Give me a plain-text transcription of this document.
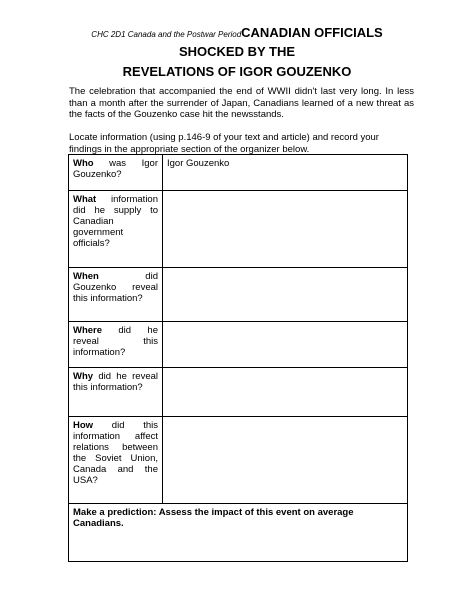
CHC 2D1 Canada and the Postwar PeriodCANADIAN OFFICIALS
SHOCKED BY THE
REVELATIONS OF IGOR GOUZENKO
The celebration that accompanied the end of WWII didn't last very long. In less than a month after the surrender of Japan, Canadians learned of a new threat as the facts of the Gouzenko case hit the newsstands.
Locate information (using p.146-9 of your text and article) and record your findings in the appropriate section of the organizer below.
Who was Igor Gouzenko?	Igor Gouzenko
What information did he supply to Canadian government officials?	
When did Gouzenko reveal this information?	
Where did he reveal this information?	
Why did he reveal this information?	
How did this information affect relations between the Soviet Union, Canada and the USA?	
Make a prediction: Assess the impact of this event on average Canadians.	
